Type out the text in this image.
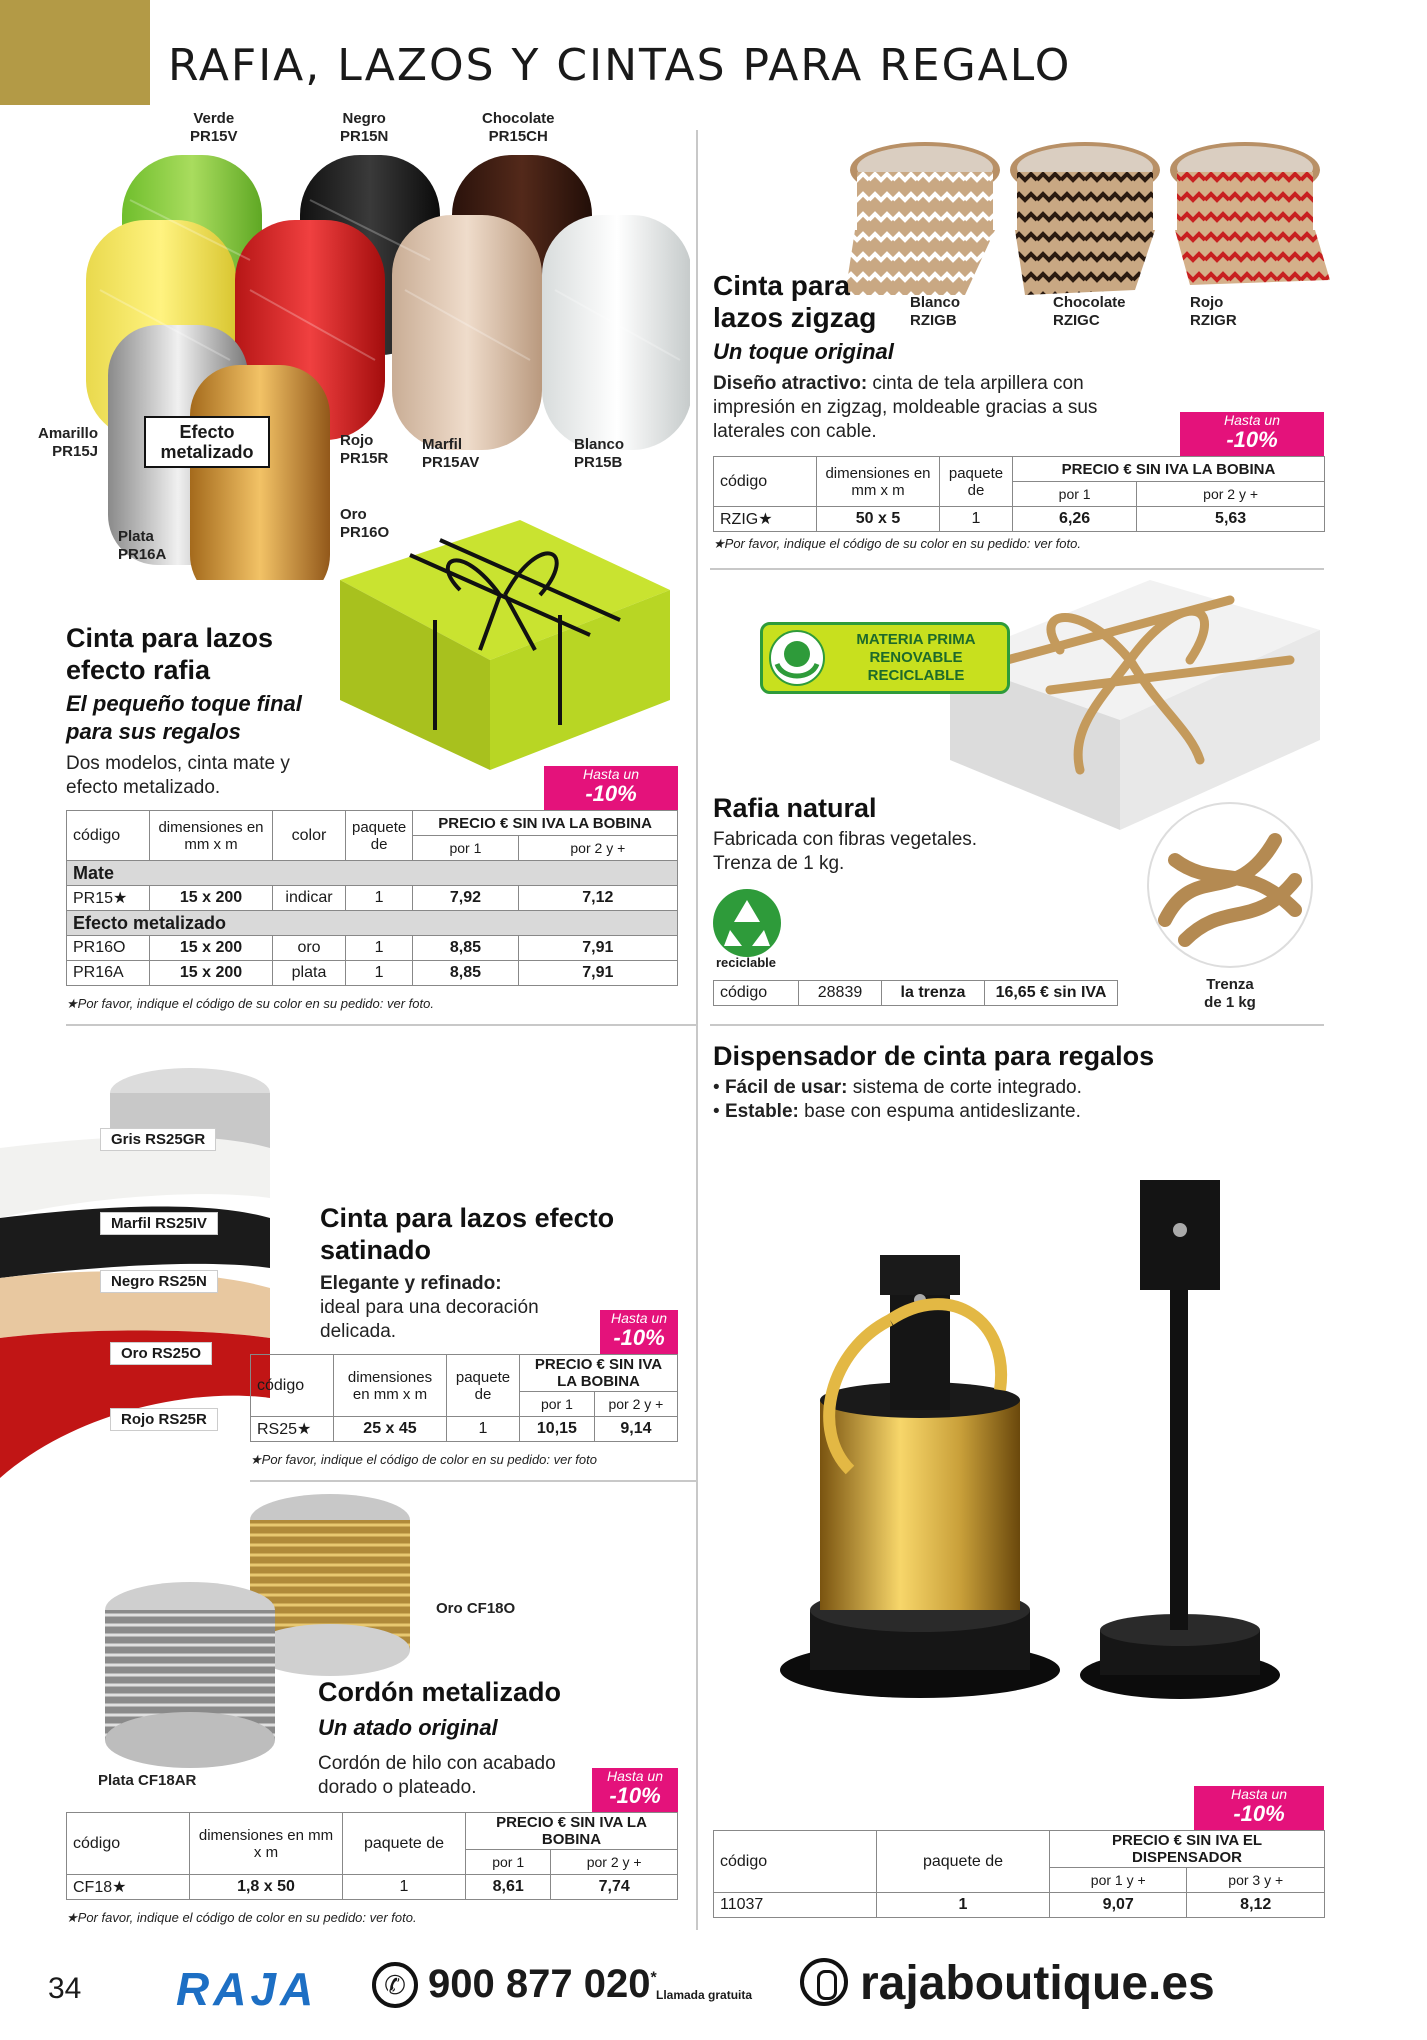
RAFIA, LAZOS Y CINTAS PARA REGALO
Verde
PR15V
Negro
PR15N
Chocolate
PR15CH
Amarillo
PR15J
Rojo
PR15R
Marfil
PR15AV
Blanco
PR15B
Oro
PR16O
Plata
PR16A
Efecto metalizado
Cinta para lazos efecto rafia
El pequeño toque final para sus regalos
Dos modelos, cinta mate y efecto metalizado.
Hasta un
-10%
código	dimensiones en mm x m	color	paquete de	PRECIO € SIN IVA LA BOBINA	
				por 1	por 2 y +
Mate					
PR15★	15 x 200	indicar	1	7,92	7,12
Efecto metalizado					
PR16O	15 x 200	oro	1	8,85	7,91
PR16A	15 x 200	plata	1	8,85	7,91
★Por favor, indique el código de su color en su pedido: ver foto.
Cinta para lazos zigzag	Blanco
RZIGB
Chocolate
RZIGC
Rojo
RZIGR
Un toque original
Diseño atractivo: cinta de tela arpillera con impresión en zigzag, moldeable gracias a sus laterales con cable.
Hasta un
-10%
código	dimensiones en mm x m	paquete de	PRECIO € SIN IVA LA BOBINA	
			por 1	por 2 y +
RZIG★	50 x 5	1	6,26	5,63
★Por favor, indique el código de su color en su pedido: ver foto.
Trenza de 1 kg
MATERIA PRIMA RENOVABLE RECICLABLE
Rafia natural
Fabricada con fibras vegetales. Trenza de 1 kg.
reciclable
código	28839	la trenza	16,65 € sin IVA
Gris RS25GR
Marfil RS25IV
Negro RS25N
Oro RS25O
Rojo RS25R
Cinta para lazos efecto satinado
Elegante y refinado:
ideal para una decoración delicada.
Hasta un
-10%
código	dimensiones en mm x m	paquete de	PRECIO € SIN IVA LA BOBINA	
			por 1	por 2 y +
RS25★	25 x 45	1	10,15	9,14
★Por favor, indique el código de color en su pedido: ver foto
Dispensador de cinta para regalos
• Fácil de usar: sistema de corte integrado.
• Estable: base con espuma antideslizante.
Hasta un
-10%
código	paquete de	PRECIO € SIN IVA EL DISPENSADOR	
		por 1 y +	por 3 y +
11037	1	9,07	8,12
Oro CF18O
Plata CF18AR
Cordón metalizado
Un atado original
Cordón de hilo con acabado dorado o plateado.
Hasta un
-10%
código	dimensiones en mm x m	paquete de	PRECIO € SIN IVA LA BOBINA	
			por 1	por 2 y +
CF18★	1,8 x 50	1	8,61	7,74
★Por favor, indique el código de color en su pedido: ver foto.
34 RAJA	✆ 900 877 020*
Llamada gratuita rajaboutique.es
